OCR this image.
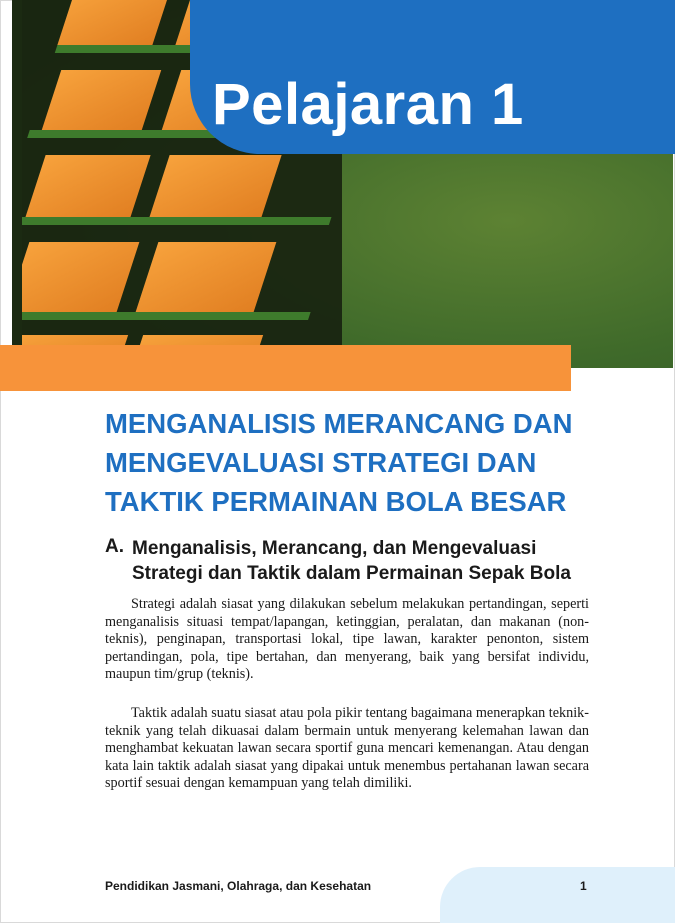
Pelajaran 1
MENGANALISIS MERANCANG DAN
MENGEVALUASI STRATEGI DAN
TAKTIK PERMAINAN BOLA BESAR
A. Menganalisis, Merancang, dan Mengevaluasi
Strategi dan Taktik dalam Permainan Sepak Bola

Strategi adalah siasat yang dilakukan sebelum melakukan pertandingan, seperti menganalisis situasi tempat/lapangan, ketinggian, peralatan, dan makanan (non-teknis), penginapan, transportasi lokal, tipe lawan, karakter penonton, sistem pertandingan, pola, tipe bertahan, dan menyerang, baik yang bersifat individu, maupun tim/grup (teknis).

Taktik adalah suatu siasat atau pola pikir tentang bagaimana menerapkan teknik-teknik yang telah dikuasai dalam bermain untuk menyerang kelemahan lawan dan menghambat kekuatan lawan secara sportif guna mencari kemenangan. Atau dengan kata lain taktik adalah siasat yang dipakai untuk menembus pertahanan lawan secara sportif sesuai dengan kemampuan yang telah dimiliki.

Pendidikan Jasmani, Olahraga, dan Kesehatan	1
